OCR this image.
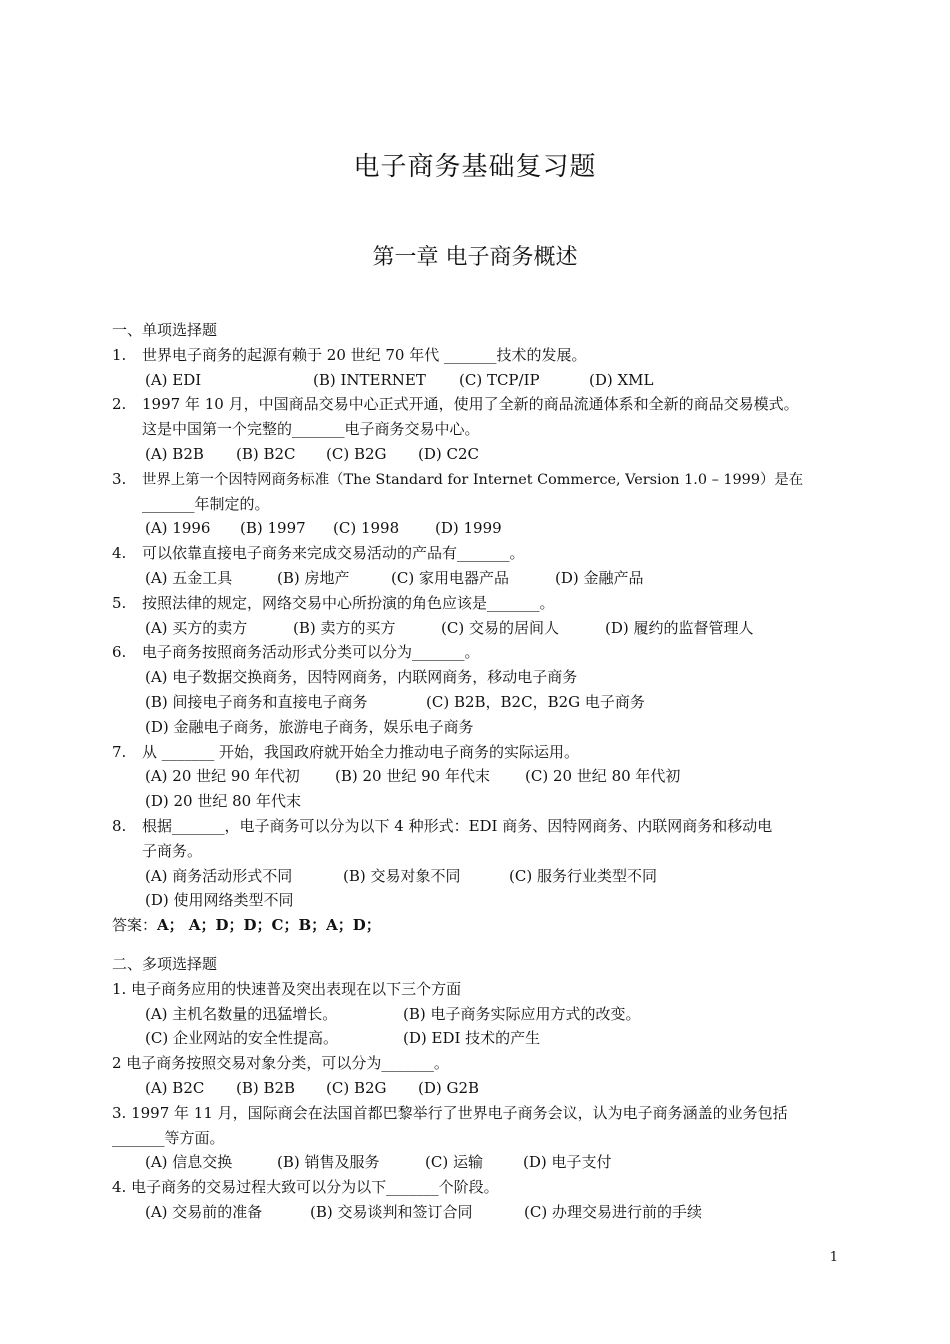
电子商务基础复习题
第一章 电子商务概述
一、单项选择题
1. 世界电子商务的起源有赖于 20 世纪 70 年代 _______技术的发展。
(A) EDI	(B) INTERNET (C) TCP/IP	(D) XML
2. 1997 年 10 月，中国商品交易中心正式开通，使用了全新的商品流通体系和全新的商品交易模式。
这是中国第一个完整的_______电子商务交易中心。
(A) B2B (B) B2C (C) B2G (D) C2C
3. 世界上第一个因特网商务标准（The Standard for Internet Commerce, Version 1.0 – 1999）是在
_______年制定的。
(A) 1996 (B) 1997 (C) 1998 (D) 1999
4. 可以依靠直接电子商务来完成交易活动的产品有_______。
(A) 五金工具	(B) 房地产	(C) 家用电器产品	(D) 金融产品
5. 按照法律的规定，网络交易中心所扮演的角色应该是_______。
(A) 买方的卖方	(B) 卖方的买方	(C) 交易的居间人	(D) 履约的监督管理人
6. 电子商务按照商务活动形式分类可以分为_______。
(A) 电子数据交换商务，因特网商务，内联网商务，移动电子商务
(B) 间接电子商务和直接电子商务	(C) B2B，B2C，B2G 电子商务
(D) 金融电子商务，旅游电子商务，娱乐电子商务
7. 从 _______ 开始，我国政府就开始全力推动电子商务的实际运用。
(A) 20 世纪 90 年代初 (B) 20 世纪 90 年代末 (C) 20 世纪 80 年代初
(D) 20 世纪 80 年代末
8. 根据_______，电子商务可以分为以下 4 种形式：EDI 商务、因特网商务、内联网商务和移动电
子商务。
(A) 商务活动形式不同	(B) 交易对象不同	(C) 服务行业类型不同
(D) 使用网络类型不同
答案：A； A；D；D；C；B；A；D；
二、多项选择题
1. 电子商务应用的快速普及突出表现在以下三个方面
(A) 主机名数量的迅猛增长。	(B) 电子商务实际应用方式的改变。
(C) 企业网站的安全性提高。	(D) EDI 技术的产生
2 电子商务按照交易对象分类，可以分为_______。
(A) B2C (B) B2B (C) B2G (D) G2B
3. 1997 年 11 月，国际商会在法国首都巴黎举行了世界电子商务会议，认为电子商务涵盖的业务包括
_______等方面。
(A) 信息交换	(B) 销售及服务	(C) 运输	(D) 电子支付
4. 电子商务的交易过程大致可以分为以下_______个阶段。
(A) 交易前的准备	(B) 交易谈判和签订合同	(C) 办理交易进行前的手续
1
